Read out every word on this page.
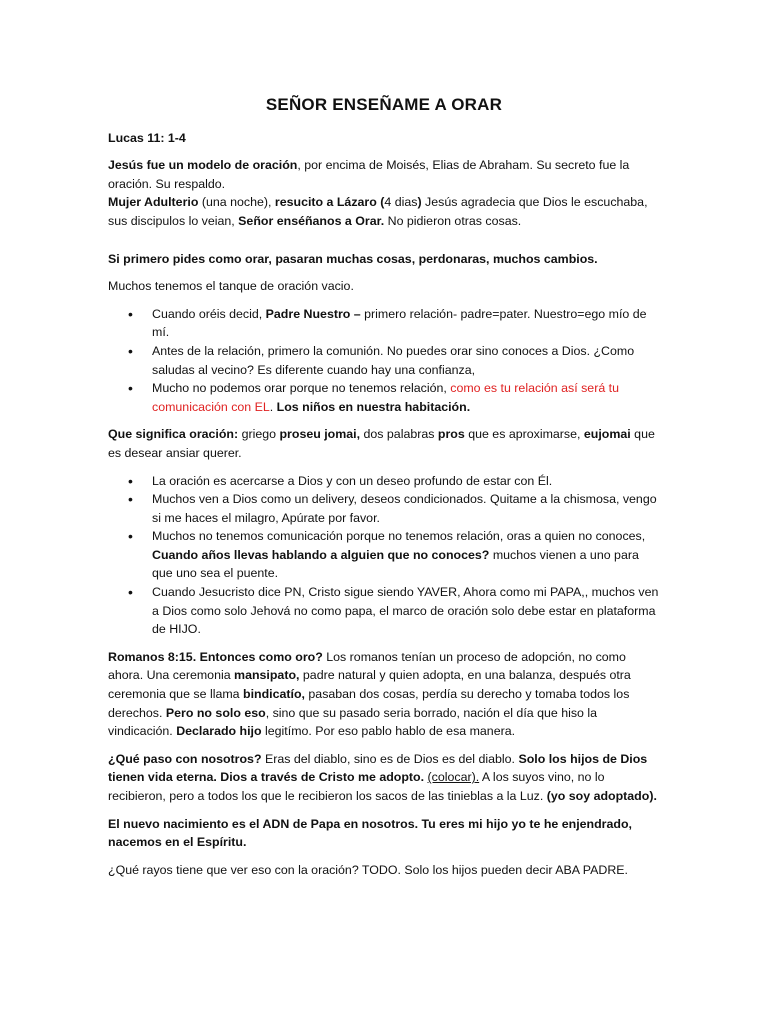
SEÑOR ENSEÑAME A ORAR

Lucas 11: 1-4

Jesús fue un modelo de oración, por encima de Moisés, Elias de Abraham. Su secreto fue la oración. Su respaldo.

Mujer Adulterio (una noche), resucito a Lázaro (4 dias) Jesús agradecia que Dios le escuchaba, sus discipulos lo veian, Señor enséñanos a Orar. No pidieron otras cosas.

Si primero pides como orar, pasaran muchas cosas, perdonaras, muchos cambios.

Muchos tenemos el tanque de oración vacio.

• Cuando oréis decid, Padre Nuestro – primero relación- padre=pater. Nuestro=ego mío de mí.
• Antes de la relación, primero la comunión. No puedes orar sino conoces a Dios. ¿Como saludas al vecino? Es diferente cuando hay una confianza,
• Mucho no podemos orar porque no tenemos relación, como es tu relación así será tu comunicación con EL. Los niños en nuestra habitación.

Que significa oración: griego proseu jomai, dos palabras pros que es aproximarse, eujomai que es desear ansiar querer.

• La oración es acercarse a Dios y con un deseo profundo de estar con Él.
• Muchos ven a Dios como un delivery, deseos condicionados. Quitame a la chismosa, vengo si me haces el milagro, Apúrate por favor.
• Muchos no tenemos comunicación porque no tenemos relación, oras a quien no conoces, Cuando años llevas hablando a alguien que no conoces? muchos vienen a uno para que uno sea el puente.
• Cuando Jesucristo dice PN, Cristo sigue siendo YAVER, Ahora como mi PAPA,, muchos ven a Dios como solo Jehová no como papa, el marco de oración solo debe estar en plataforma de HIJO.

Romanos 8:15. Entonces como oro? Los romanos tenían un proceso de adopción, no como ahora. Una ceremonia mansipato, padre natural y quien adopta, en una balanza, después otra ceremonia que se llama bindicatío, pasaban dos cosas, perdía su derecho y tomaba todos los derechos. Pero no solo eso, sino que su pasado seria borrado, nación el día que hiso la vindicación. Declarado hijo legitímo. Por eso pablo hablo de esa manera.

¿Qué paso con nosotros? Eras del diablo, sino es de Dios es del diablo. Solo los hijos de Dios tienen vida eterna. Dios a través de Cristo me adopto. (colocar). A los suyos vino, no lo recibieron, pero a todos los que le recibieron los sacos de las tinieblas a la Luz. (yo soy adoptado).

El nuevo nacimiento es el ADN de Papa en nosotros. Tu eres mi hijo yo te he enjendrado, nacemos en el Espíritu.

¿Qué rayos tiene que ver eso con la oración? TODO. Solo los hijos pueden decir ABA PADRE.
